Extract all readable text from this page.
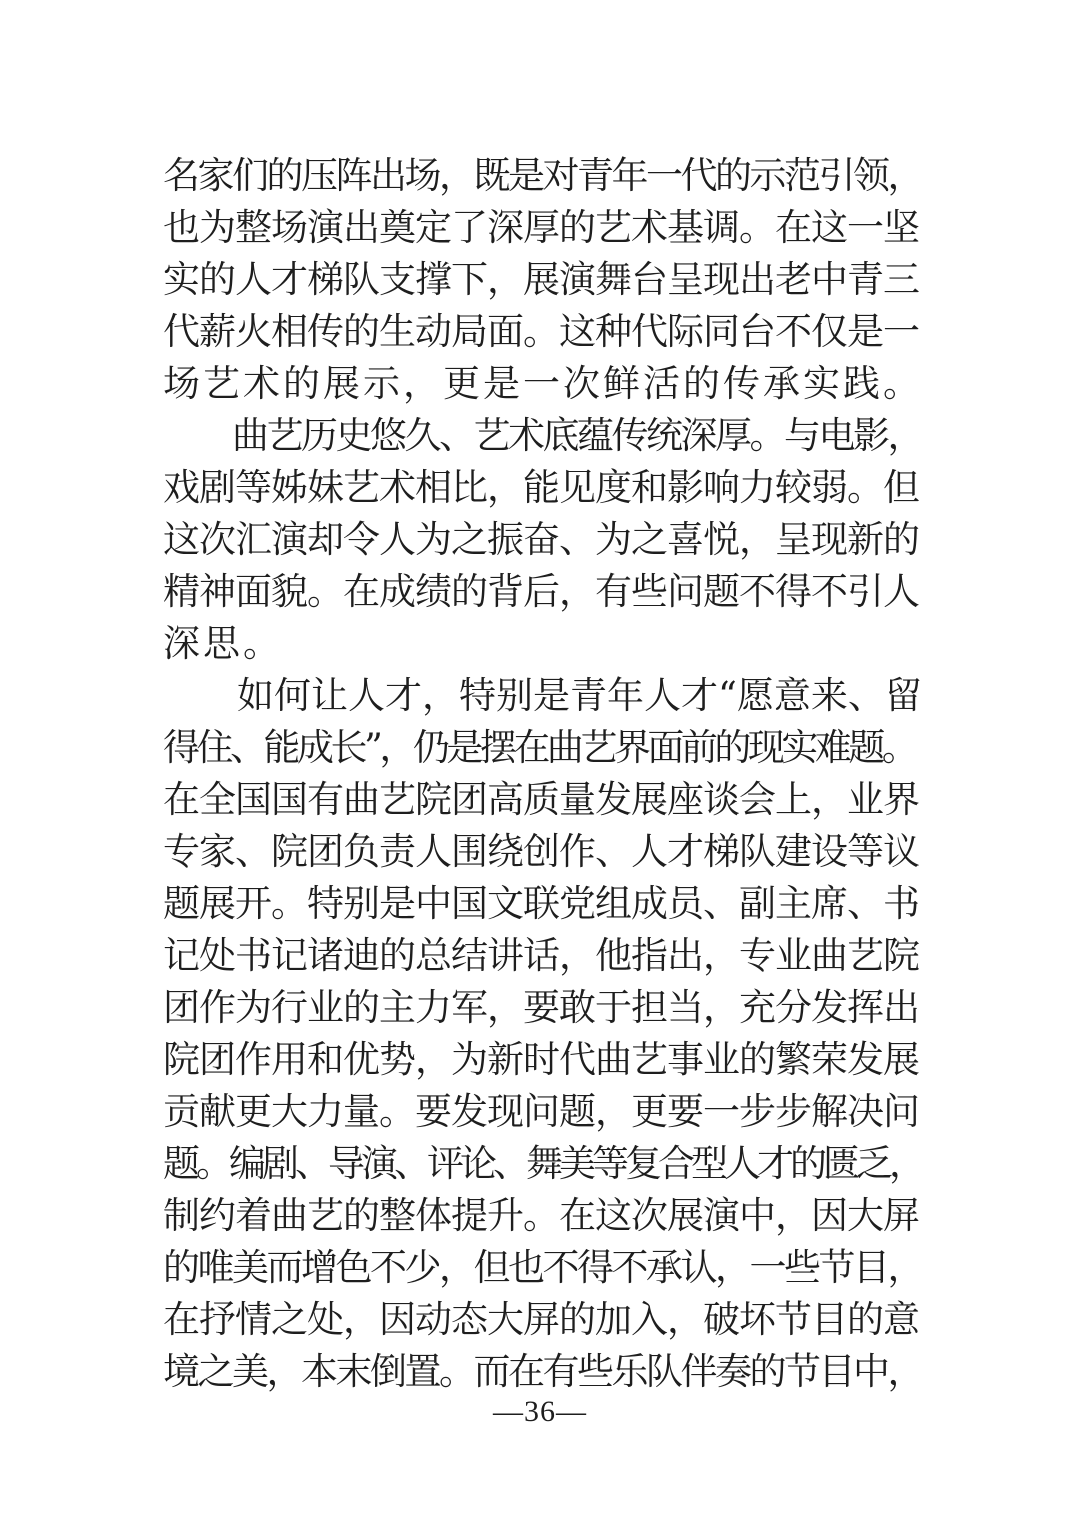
名家们的压阵出场，既是对青年一代的示范引领，
也为整场演出奠定了深厚的艺术基调。在这一坚
实的人才梯队支撑下，展演舞台呈现出老中青三
代薪火相传的生动局面。这种代际同台不仅是一
场艺术的展示，更是一次鲜活的传承实践。
　　曲艺历史悠久、艺术底蕴传统深厚。与电影，
戏剧等姊妹艺术相比，能见度和影响力较弱。但
这次汇演却令人为之振奋、为之喜悦，呈现新的
精神面貌。在成绩的背后，有些问题不得不引人
深思。
　　如何让人才，特别是青年人才“愿意来、留
得住、能成长”，仍是摆在曲艺界面前的现实难题。
在全国国有曲艺院团高质量发展座谈会上，业界
专家、院团负责人围绕创作、人才梯队建设等议
题展开。特别是中国文联党组成员、副主席、书
记处书记诸迪的总结讲话，他指出，专业曲艺院
团作为行业的主力军，要敢于担当，充分发挥出
院团作用和优势，为新时代曲艺事业的繁荣发展
贡献更大力量。要发现问题，更要一步步解决问
题。编剧、导演、评论、舞美等复合型人才的匮乏，
制约着曲艺的整体提升。在这次展演中，因大屏
的唯美而增色不少，但也不得不承认，一些节目，
在抒情之处，因动态大屏的加入，破坏节目的意
境之美，本末倒置。而在有些乐队伴奏的节目中，
—36—
